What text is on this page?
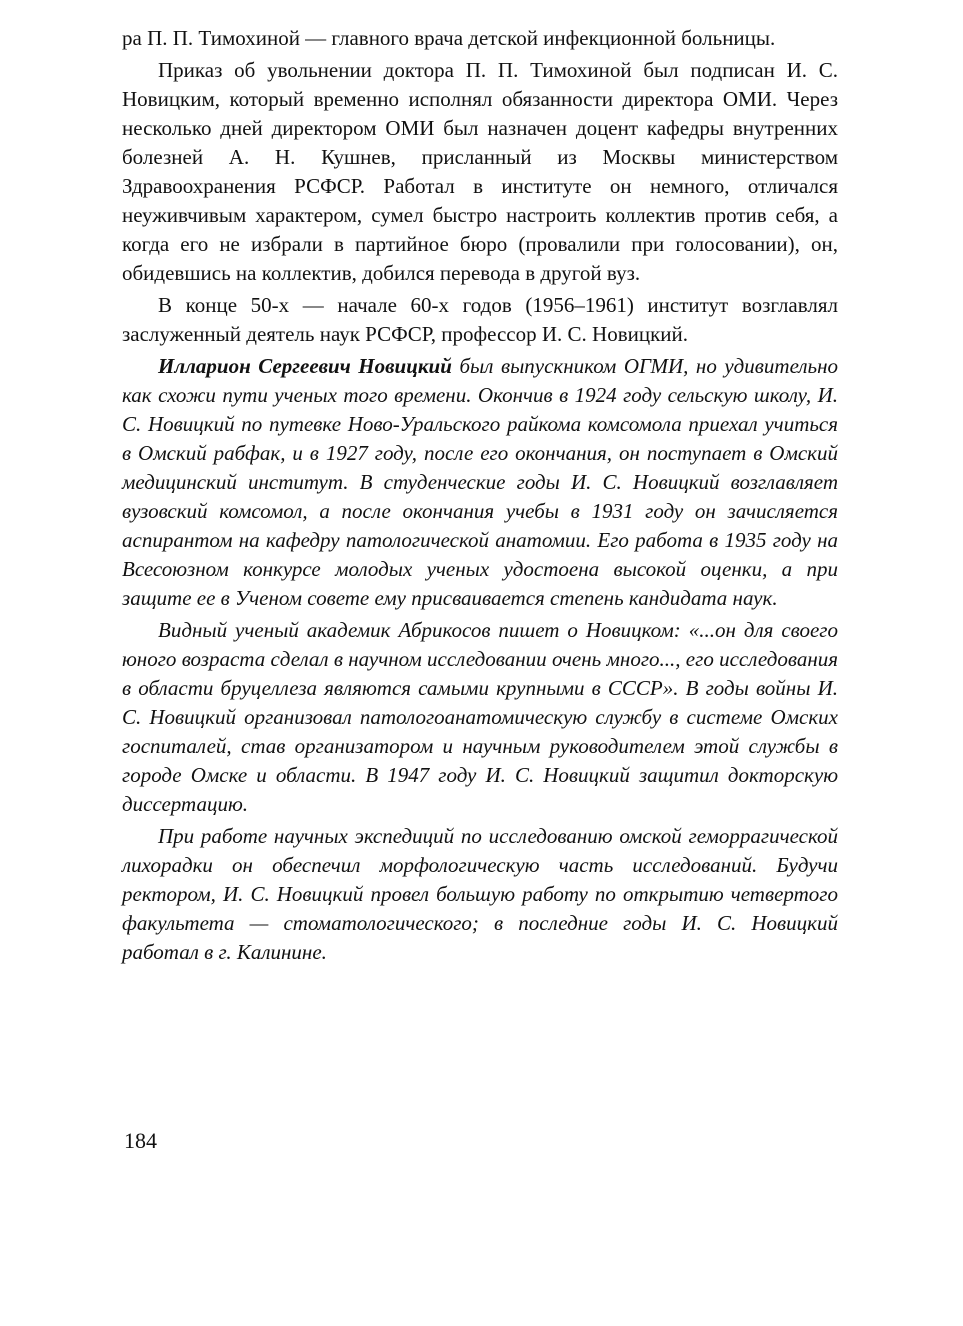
ра П. П. Тимохиной — главного врача детской инфекционной больницы.

Приказ об увольнении доктора П. П. Тимохиной был подписан И. С. Новицким, который временно исполнял обязанности директора ОМИ. Через несколько дней директором ОМИ был назначен доцент кафедры внутренних болезней А. Н. Кушнев, присланный из Москвы министерством Здравоохранения РСФСР. Работал в институте он немного, отличался неуживчивым характером, сумел быстро настроить коллектив против себя, а когда его не избрали в партийное бюро (провалили при голосовании), он, обидевшись на коллектив, добился перевода в другой вуз.

В конце 50-х — начале 60-х годов (1956–1961) институт возглавлял заслуженный деятель наук РСФСР, профессор И. С. Новицкий.

Илларион Сергеевич Новицкий был выпускником ОГМИ, но удивительно как схожи пути ученых того времени. Окончив в 1924 году сельскую школу, И. С. Новицкий по путевке Ново-Уральского райкома комсомола приехал учиться в Омский рабфак, и в 1927 году, после его окончания, он поступает в Омский медицинский институт. В студенческие годы И. С. Новицкий возглавляет вузовский комсомол, а после окончания учебы в 1931 году он зачисляется аспирантом на кафедру патологической анатомии. Его работа в 1935 году на Всесоюзном конкурсе молодых ученых удостоена высокой оценки, а при защите ее в Ученом совете ему присваивается степень кандидата наук.

Видный ученый академик Абрикосов пишет о Новицком: «...он для своего юного возраста сделал в научном исследовании очень много..., его исследования в области бруцеллеза являются самыми крупными в СССР». В годы войны И. С. Новицкий организовал патологоанатомическую службу в системе Омских госпиталей, став организатором и научным руководителем этой службы в городе Омске и области. В 1947 году И. С. Новицкий защитил докторскую диссертацию.

При работе научных экспедиций по исследованию омской геморрагической лихорадки он обеспечил морфологическую часть исследований. Будучи ректором, И. С. Новицкий провел большую работу по открытию четвертого факультета — стоматологического; в последние годы И. С. Новицкий работал в г. Калинине.

184
